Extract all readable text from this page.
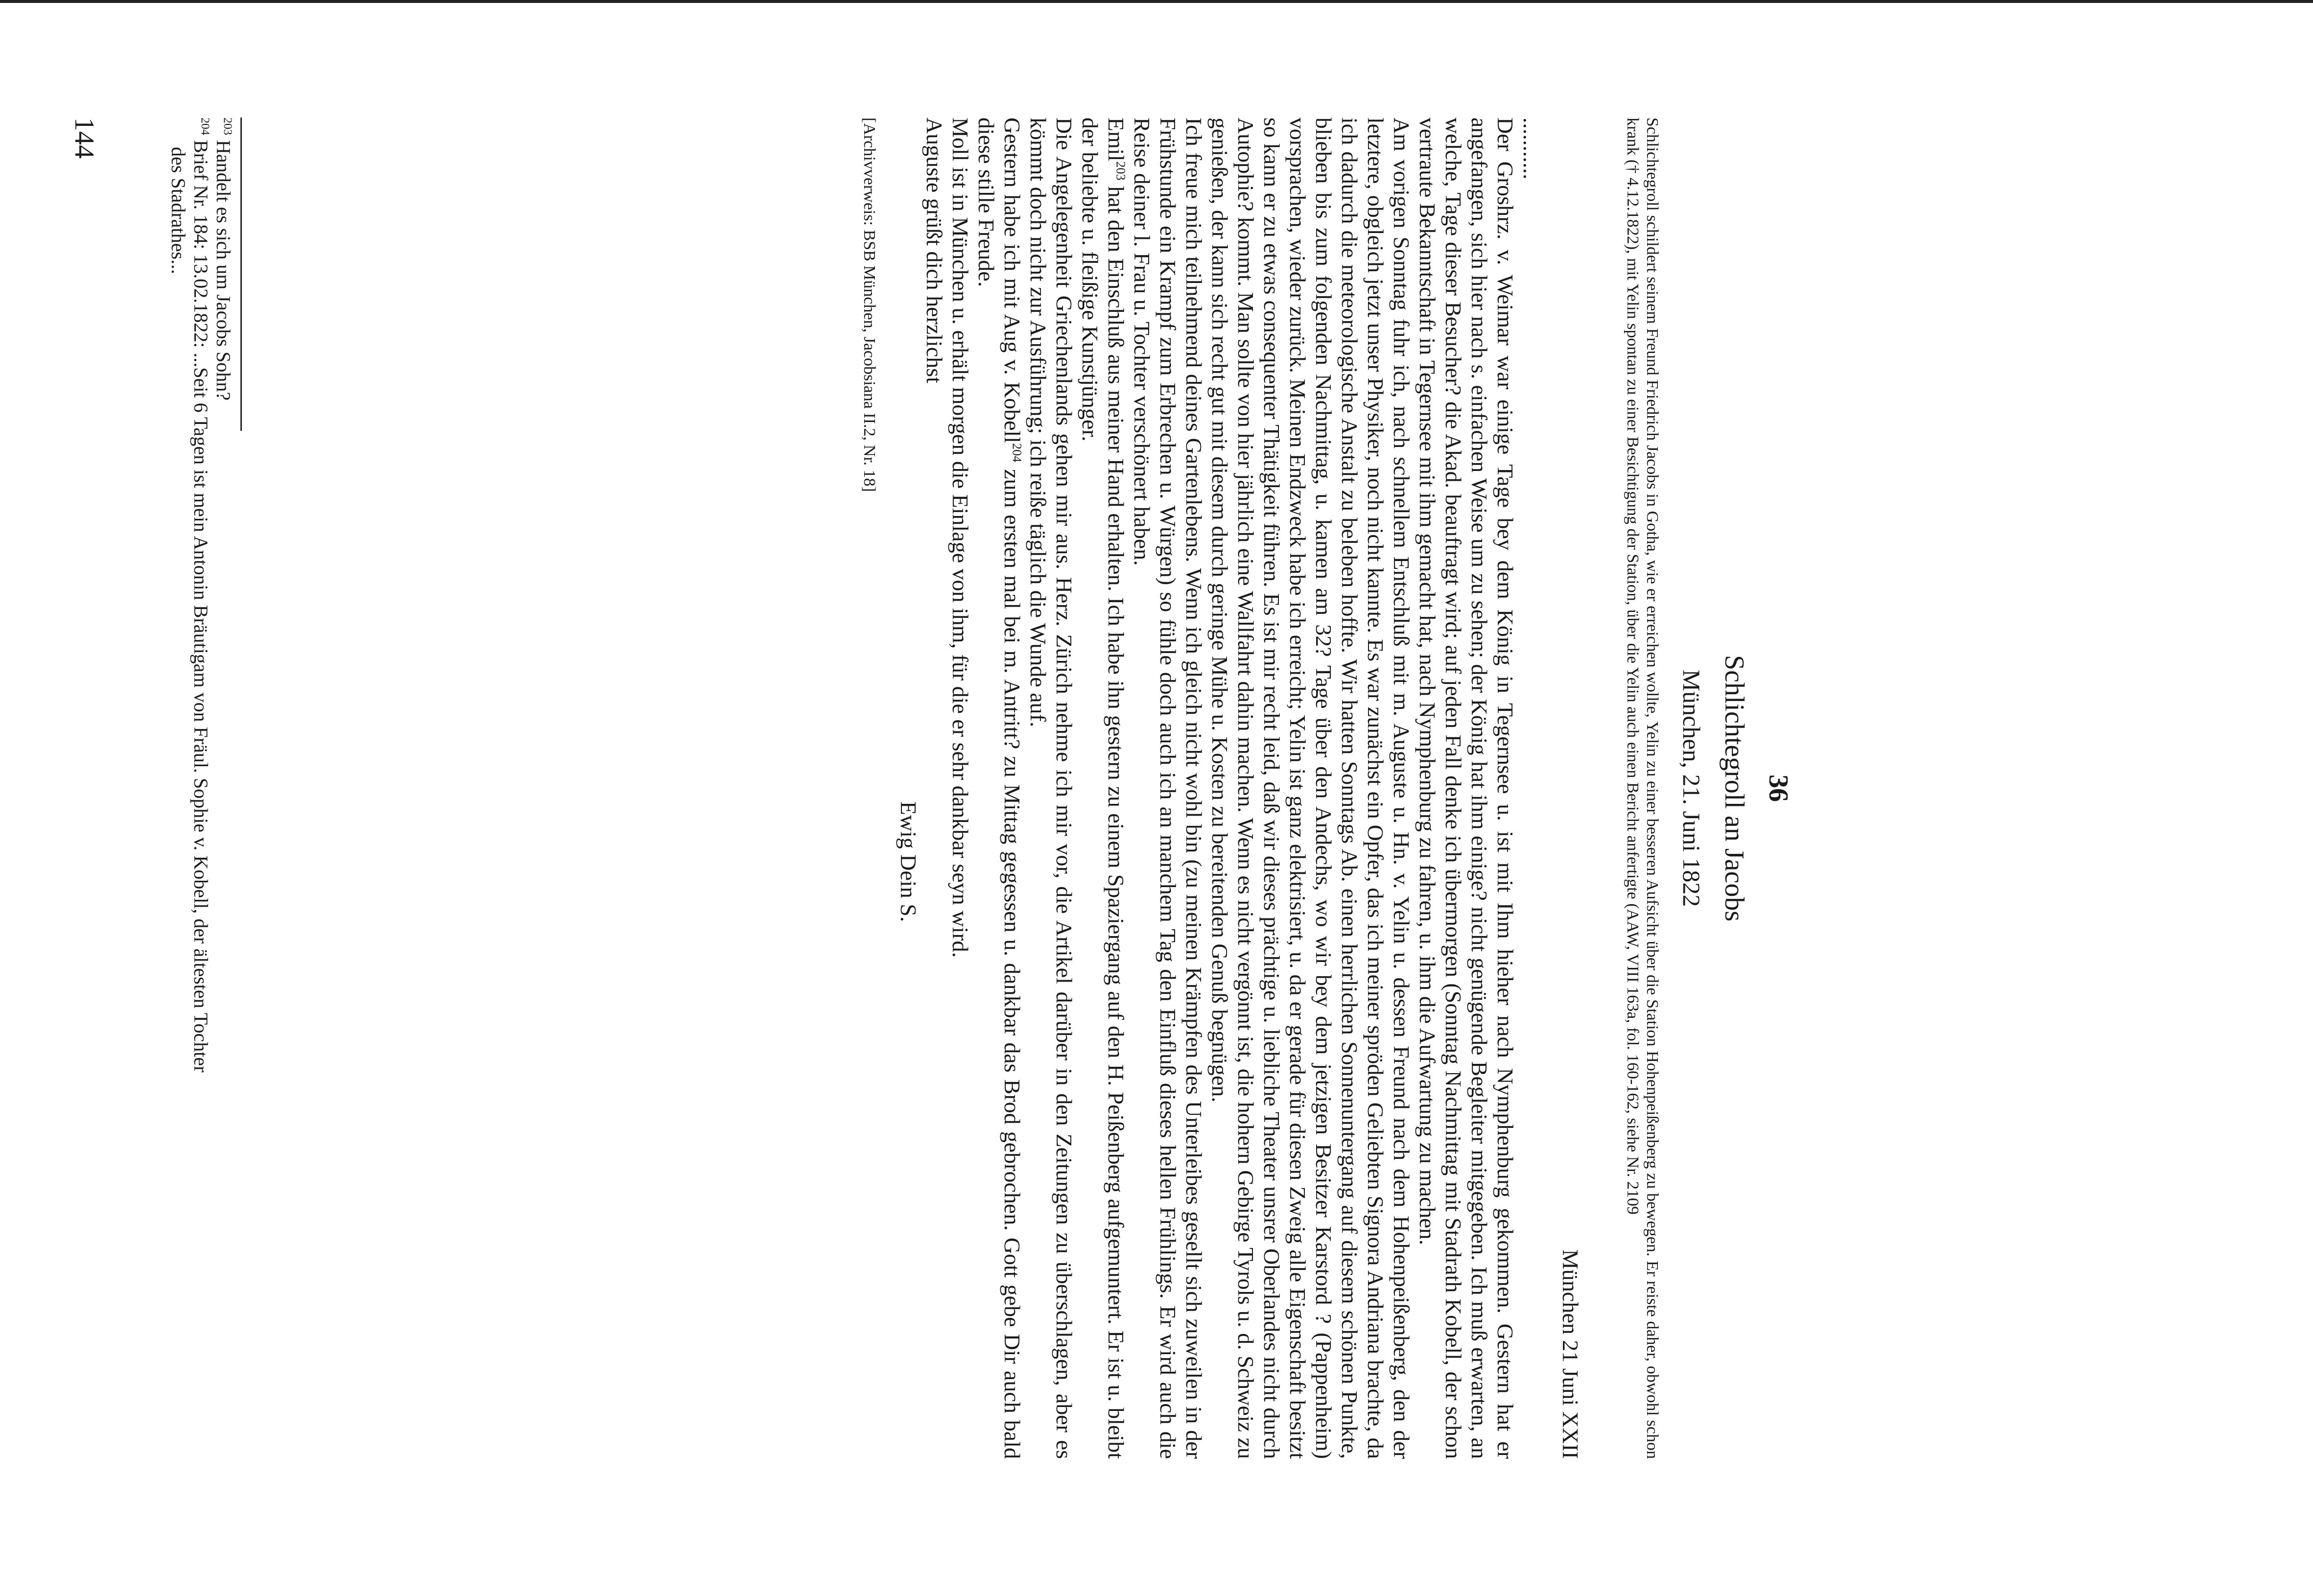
36
Schlichtegroll an Jacobs
München, 21. Juni 1822
Schlichtegroll schildert seinem Freund Friedrich Jacobs in Gotha, wie er erreichen wollte, Yelin zu einer besseren Aufsicht über die Station Hohenpeißenberg zu bewegen. Er reiste daher, obwohl schon krank († 4.12.1822), mit Yelin spontan zu einer Besichtigung der Station, über die Yelin auch einen Bericht anfertigte (AAW, VIII 163a, fol. 160-162, siehe Nr. 2109
München 21 Juni XXII

...........

Der Groshrz. v. Weimar war einige Tage bey dem König in Tegernsee u. ist mit Ihm hieher nach Nymphenburg gekommen. Gestern hat er angefangen, sich hier nach s. einfachen Weise um zu sehen; der König hat ihm einige? nicht genügende Begleiter mitgegeben. Ich muß erwarten, an welche, Tage dieser Besucher? die Akad. beauftragt wird; auf jeden Fall denke ich übermorgen (Sonntag Nachmittag mit Stadrath Kobell, der schon vertraute Bekanntschaft in Tegernsee mit ihm gemacht hat, nach Nymphenburg zu fahren, u. ihm die Aufwartung zu machen.

Am vorigen Sonntag fuhr ich, nach schnellem Entschluß mit m. Auguste u. Hn. v. Yelin u. dessen Freund nach dem Hohenpeißenberg, den der letztere, obgleich jetzt unser Physiker, noch nicht kannte. Es war zunächst ein Opfer, das ich meiner spröden Geliebten Signora Andriana brachte, da ich dadurch die meteorologische Anstalt zu beleben hoffte. Wir hatten Sonntags Ab. einen herrlichen Sonnenuntergang auf diesem schönen Punkte, blieben bis zum folgenden Nachmittag, u. kamen am 32? Tage über den Andechs, wo wir bey dem jetzigen Besitzer Karstord ? (Pappenheim) vorsprachen, wieder zurück. Meinen Endzweck habe ich erreicht; Yelin ist ganz elektrisiert, u. da er gerade für diesen Zweig alle Eigenschaft besitzt so kann er zu etwas consequenter Thätigkeit führen. Es ist mir recht leid, daß wir dieses prächtige u. liebliche Theater unsrer Oberlandes nicht durch Autophie? kommt. Man sollte von hier jährlich eine Wallfahrt dahin machen. Wenn es nicht vergönnt ist, die hohern Gebirge Tyrols u. d. Schweiz zu genießen, der kann sich recht gut mit diesem durch geringe Mühe u. Kosten zu bereitenden Genuß begnügen.

Ich freue mich teilnehmend deines Gartenlebens. Wenn ich gleich nicht wohl bin (zu meinen Krämpfen des Unterleibes gesellt sich zuweilen in der Frühstunde ein Krampf zum Erbrechen u. Würgen) so fühle doch auch ich an manchem Tag den Einfluß dieses hellen Frühlings. Er wird auch die Reise deiner l. Frau u. Tochter verschönert haben.

Emil$^{203}$ hat den Einschluß aus meiner Hand erhalten. Ich habe ihn gestern zu einem Spaziergang auf den H. Peißenberg aufgemuntert. Er ist u. bleibt der beliebte u. fleißige Kunstjünger.

Die Angelegenheit Griechenlands gehen mir aus. Herz. Zürich nehme ich mir vor, die Artikel darüber in den Zeitungen zu überschlagen, aber es kömmt doch nicht zur Ausführung; ich reiße täglich die Wunde auf.

Gestern habe ich mit Aug v. Kobell$^{204}$ zum ersten mal bei m. Antritt? zu Mittag gegessen u. dankbar das Brod gebrochen. Gott gebe Dir auch bald diese stille Freude.

Moll ist in München u. erhält morgen die Einlage von ihm, für die er sehr dankbar seyn wird.

Auguste grüßt dich herzlichst

Ewig Dein S.

[Archivverweis: BSB München, Jacobsiana II.2, Nr. 18]
$^{203}$ Handelt es sich um Jacobs Sohn?
$^{204}$ Brief Nr. 184: 13.02.1822: ...Seit 6 Tagen ist mein Antonin Bräutigam von Fräul. Sophie v. Kobell, der ältesten Tochter
des Stadrathes...
144
